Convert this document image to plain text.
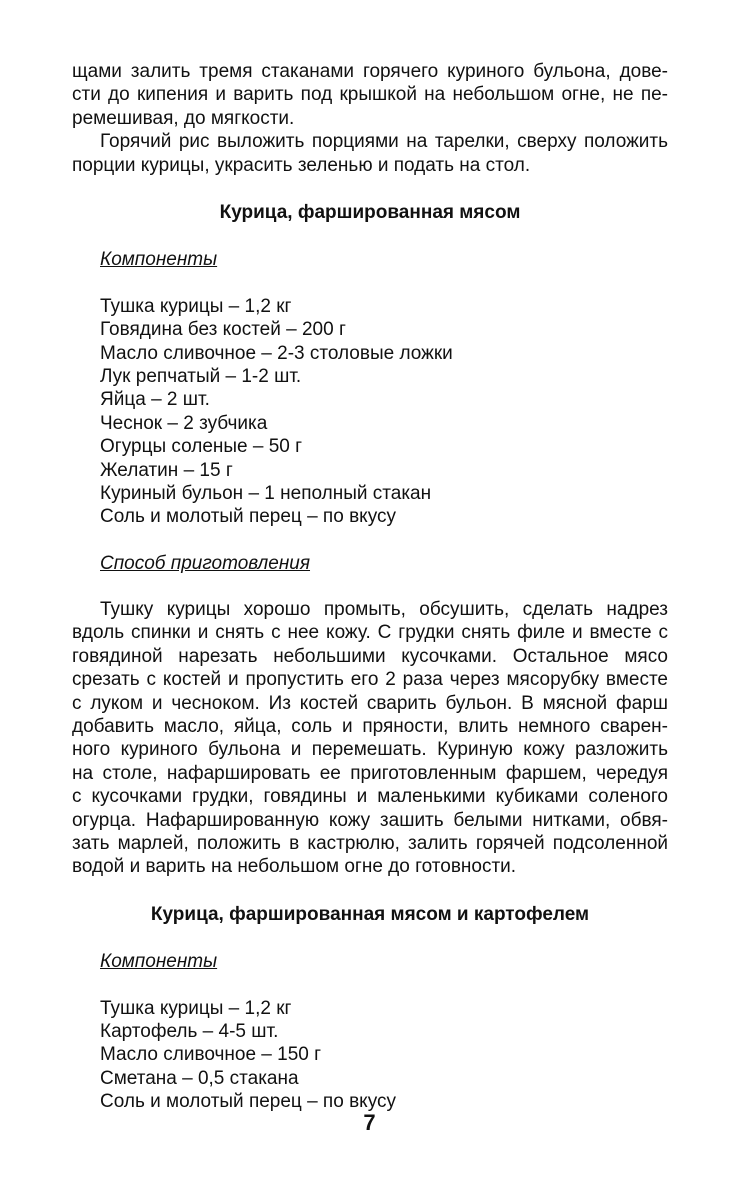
щами залить тремя стаканами горячего куриного бульона, дове-
сти до кипения и варить под крышкой на небольшом огне, не пе-
ремешивая, до мягкости.
Горячий рис выложить порциями на тарелки, сверху положить
порции курицы, украсить зеленью и подать на стол.
Курица, фаршированная мясом
Компоненты
Тушка курицы – 1,2 кг
Говядина без костей – 200 г
Масло сливочное – 2-3 столовые ложки
Лук репчатый – 1-2 шт.
Яйца – 2 шт.
Чеснок – 2 зубчика
Огурцы соленые – 50 г
Желатин – 15 г
Куриный бульон – 1 неполный стакан
Соль и молотый перец – по вкусу
Способ приготовления
Тушку курицы хорошо промыть, обсушить, сделать надрез
вдоль спинки и снять с нее кожу. С грудки снять филе и вместе с
говядиной нарезать небольшими кусочками. Остальное мясо
срезать с костей и пропустить его 2 раза через мясорубку вместе
с луком и чесноком. Из костей сварить бульон. В мясной фарш
добавить масло, яйца, соль и пряности, влить немного сварен-
ного куриного бульона и перемешать. Куриную кожу разложить
на столе, нафаршировать ее приготовленным фаршем, чередуя
с кусочками грудки, говядины и маленькими кубиками соленого
огурца. Нафаршированную кожу зашить белыми нитками, обвя-
зать марлей, положить в кастрюлю, залить горячей подсоленной
водой и варить на небольшом огне до готовности.
Курица, фаршированная мясом и картофелем
Компоненты
Тушка курицы – 1,2 кг
Картофель – 4-5 шт.
Масло сливочное – 150 г
Сметана – 0,5 стакана
Соль и молотый перец – по вкусу
7
